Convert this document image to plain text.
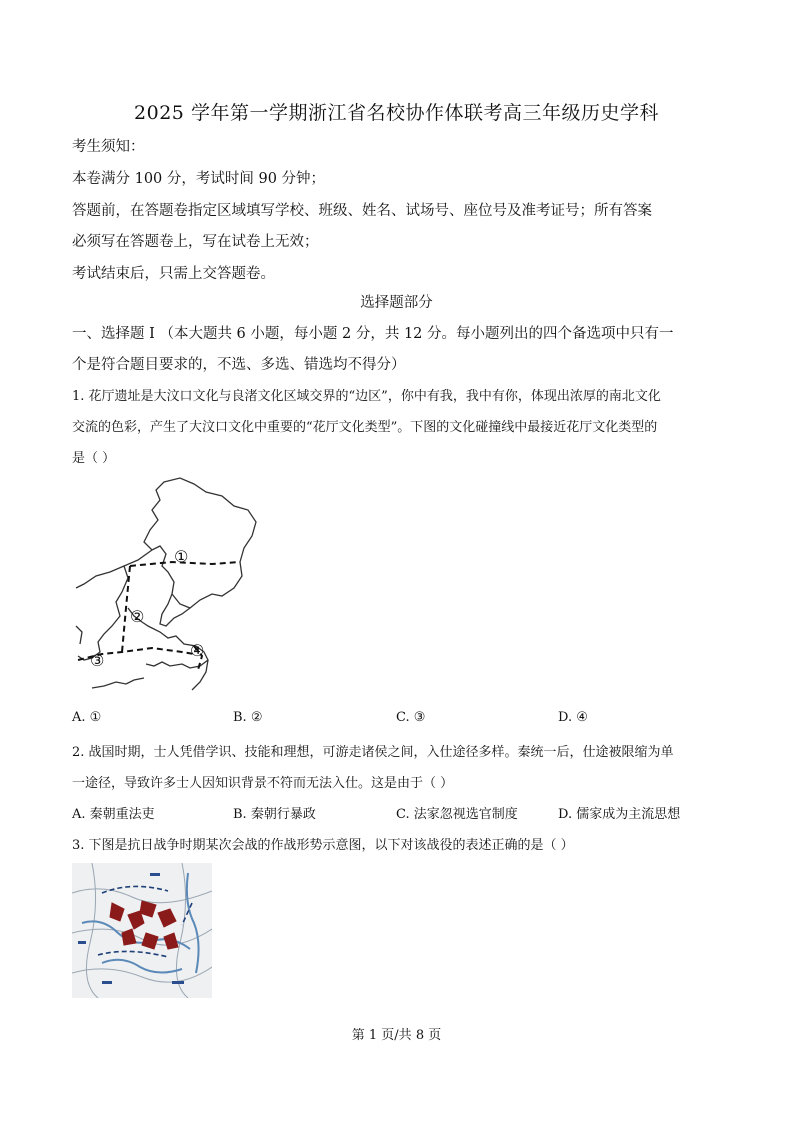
2025 学年第一学期浙江省名校协作体联考高三年级历史学科
考生须知：
本卷满分 100 分，考试时间 90 分钟；
答题前，在答题卷指定区域填写学校、班级、姓名、试场号、座位号及准考证号；所有答案
必须写在答题卷上，写在试卷上无效；
考试结束后，只需上交答题卷。
选择题部分
一、选择题 I （本大题共 6 小题，每小题 2 分，共 12 分。每小题列出的四个备选项中只有一
个是符合题目要求的，不选、多选、错选均不得分）
1. 花厅遗址是大汶口文化与良渚文化区域交界的“边区”，你中有我，我中有你，体现出浓厚的南北文化
交流的色彩，产生了大汶口文化中重要的“花厅文化类型”。下图的文化碰撞线中最接近花厅文化类型的
是（ ）
①
②
③
④
A. ①	B. ②	C. ③	D. ④
2. 战国时期，士人凭借学识、技能和理想，可游走诸侯之间，入仕途径多样。秦统一后，仕途被限缩为单
一途径，导致许多士人因知识背景不符而无法入仕。这是由于（ ）
A. 秦朝重法吏	B. 秦朝行暴政	C. 法家忽视选官制度	D. 儒家成为主流思想
3. 下图是抗日战争时期某次会战的作战形势示意图，以下对该战役的表述正确的是（ ）
第 1 页/共 8 页
